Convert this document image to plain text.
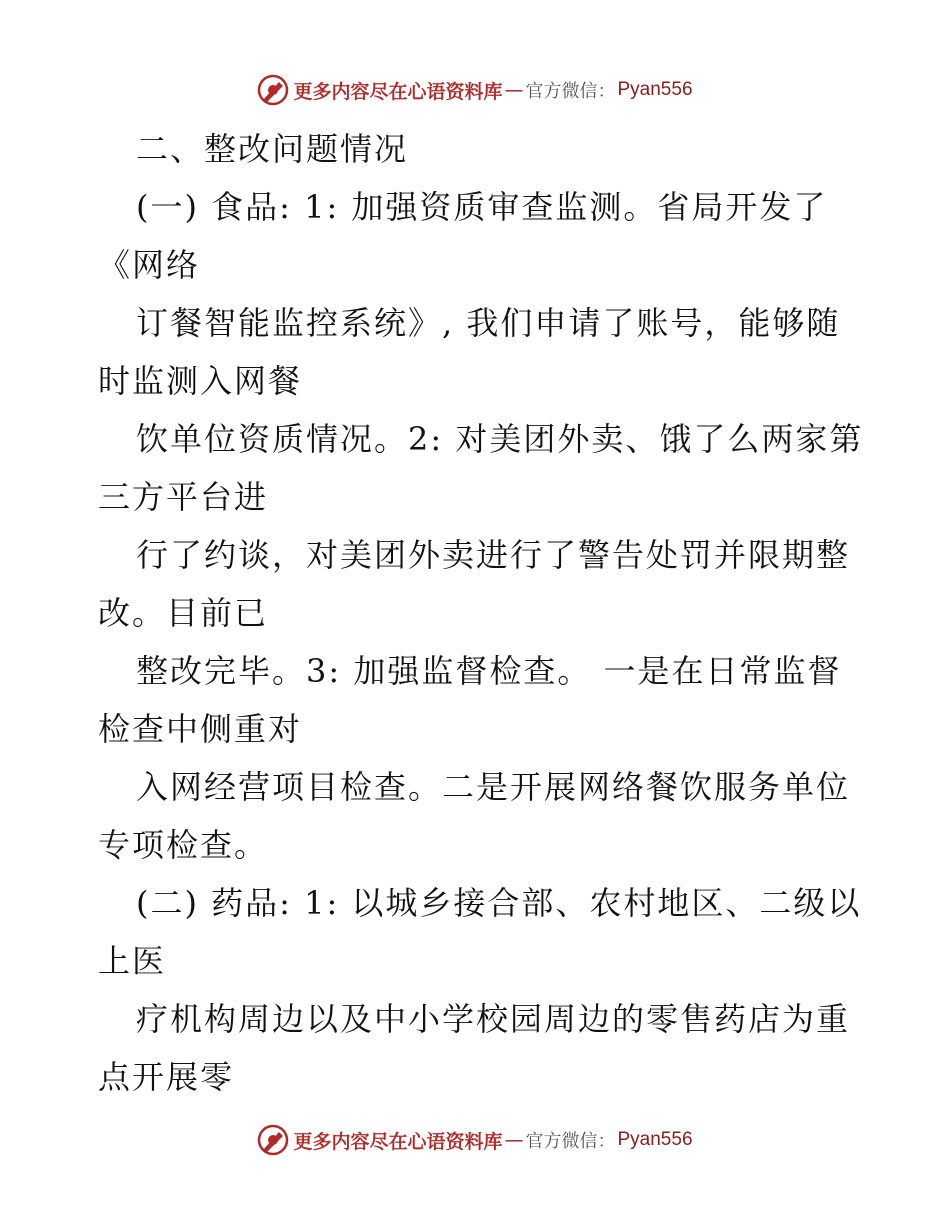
更多内容尽在心语资料库 — 官方微信： Pyan556
二、整改问题情况
(一) 食品: 1: 加强资质审查监测。省局开发了
《网络
订餐智能监控系统》, 我们申请了账号，能够随
时监测入网餐
饮单位资质情况。2: 对美团外卖、饿了么两家第
三方平台进
行了约谈，对美团外卖进行了警告处罚并限期整
改。目前已
整改完毕。3: 加强监督检查。 一是在日常监督
检查中侧重对
入网经营项目检查。二是开展网络餐饮服务单位
专项检查。
(二) 药品: 1: 以城乡接合部、农村地区、二级以
上医
疗机构周边以及中小学校园周边的零售药店为重
点开展零
更多内容尽在心语资料库 — 官方微信： Pyan556
